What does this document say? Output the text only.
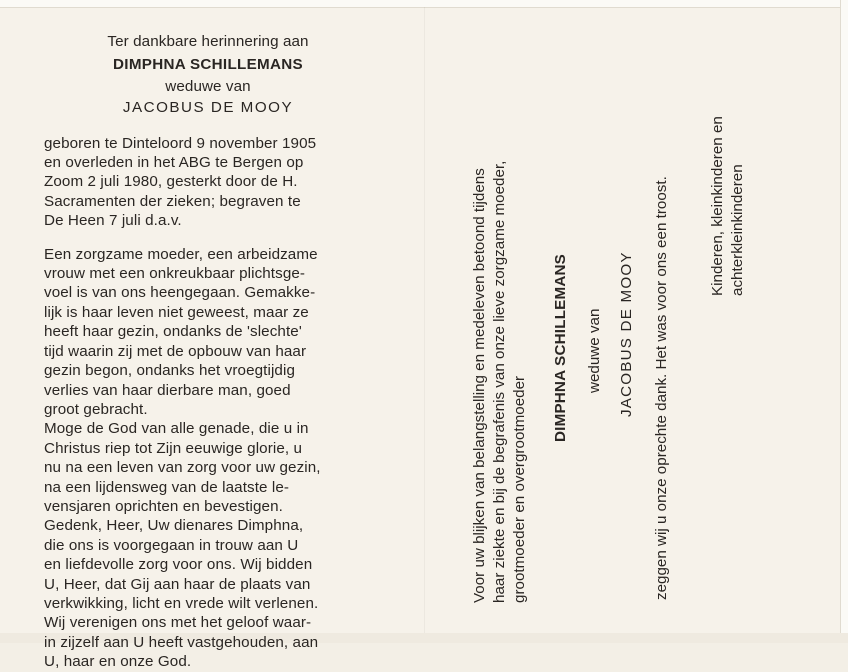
Ter dankbare herinnering aan
DIMPHNA SCHILLEMANS
weduwe van
JACOBUS DE MOOY
geboren te Dinteloord 9 november 1905
en overleden in het ABG te Bergen op
Zoom 2 juli 1980, gesterkt door de H.
Sacramenten der zieken; begraven te
De Heen 7 juli d.a.v.
Een zorgzame moeder, een arbeidzame
vrouw met een onkreukbaar plichtsge-
voel is van ons heengegaan. Gemakke-
lijk is haar leven niet geweest, maar ze
heeft haar gezin, ondanks de 'slechte'
tijd waarin zij met de opbouw van haar
gezin begon, ondanks het vroegtijdig
verlies van haar dierbare man, goed
groot gebracht.
Moge de God van alle genade, die u in
Christus riep tot Zijn eeuwige glorie, u
nu na een leven van zorg voor uw gezin,
na een lijdensweg van de laatste le-
vensjaren oprichten en bevestigen.
Gedenk, Heer, Uw dienares Dimphna,
die ons is voorgegaan in trouw aan U
en liefdevolle zorg voor ons. Wij bidden
U, Heer, dat Gij aan haar de plaats van
verkwikking, licht en vrede wilt verlenen.
Wij verenigen ons met het geloof waar-
in zijzelf aan U heeft vastgehouden, aan
U, haar en onze God.
Voor uw blijken van belangstelling en medeleven betoond tijdens haar ziekte en bij de begrafenis van onze lieve zorgzame moeder, grootmoeder en overgrootmoeder
DIMPHNA SCHILLEMANS weduwe van JACOBUS DE MOOY zeggen wij u onze oprechte dank. Het was voor ons een troost.	Kinderen, kleinkinderen en achterkleinkinderen
